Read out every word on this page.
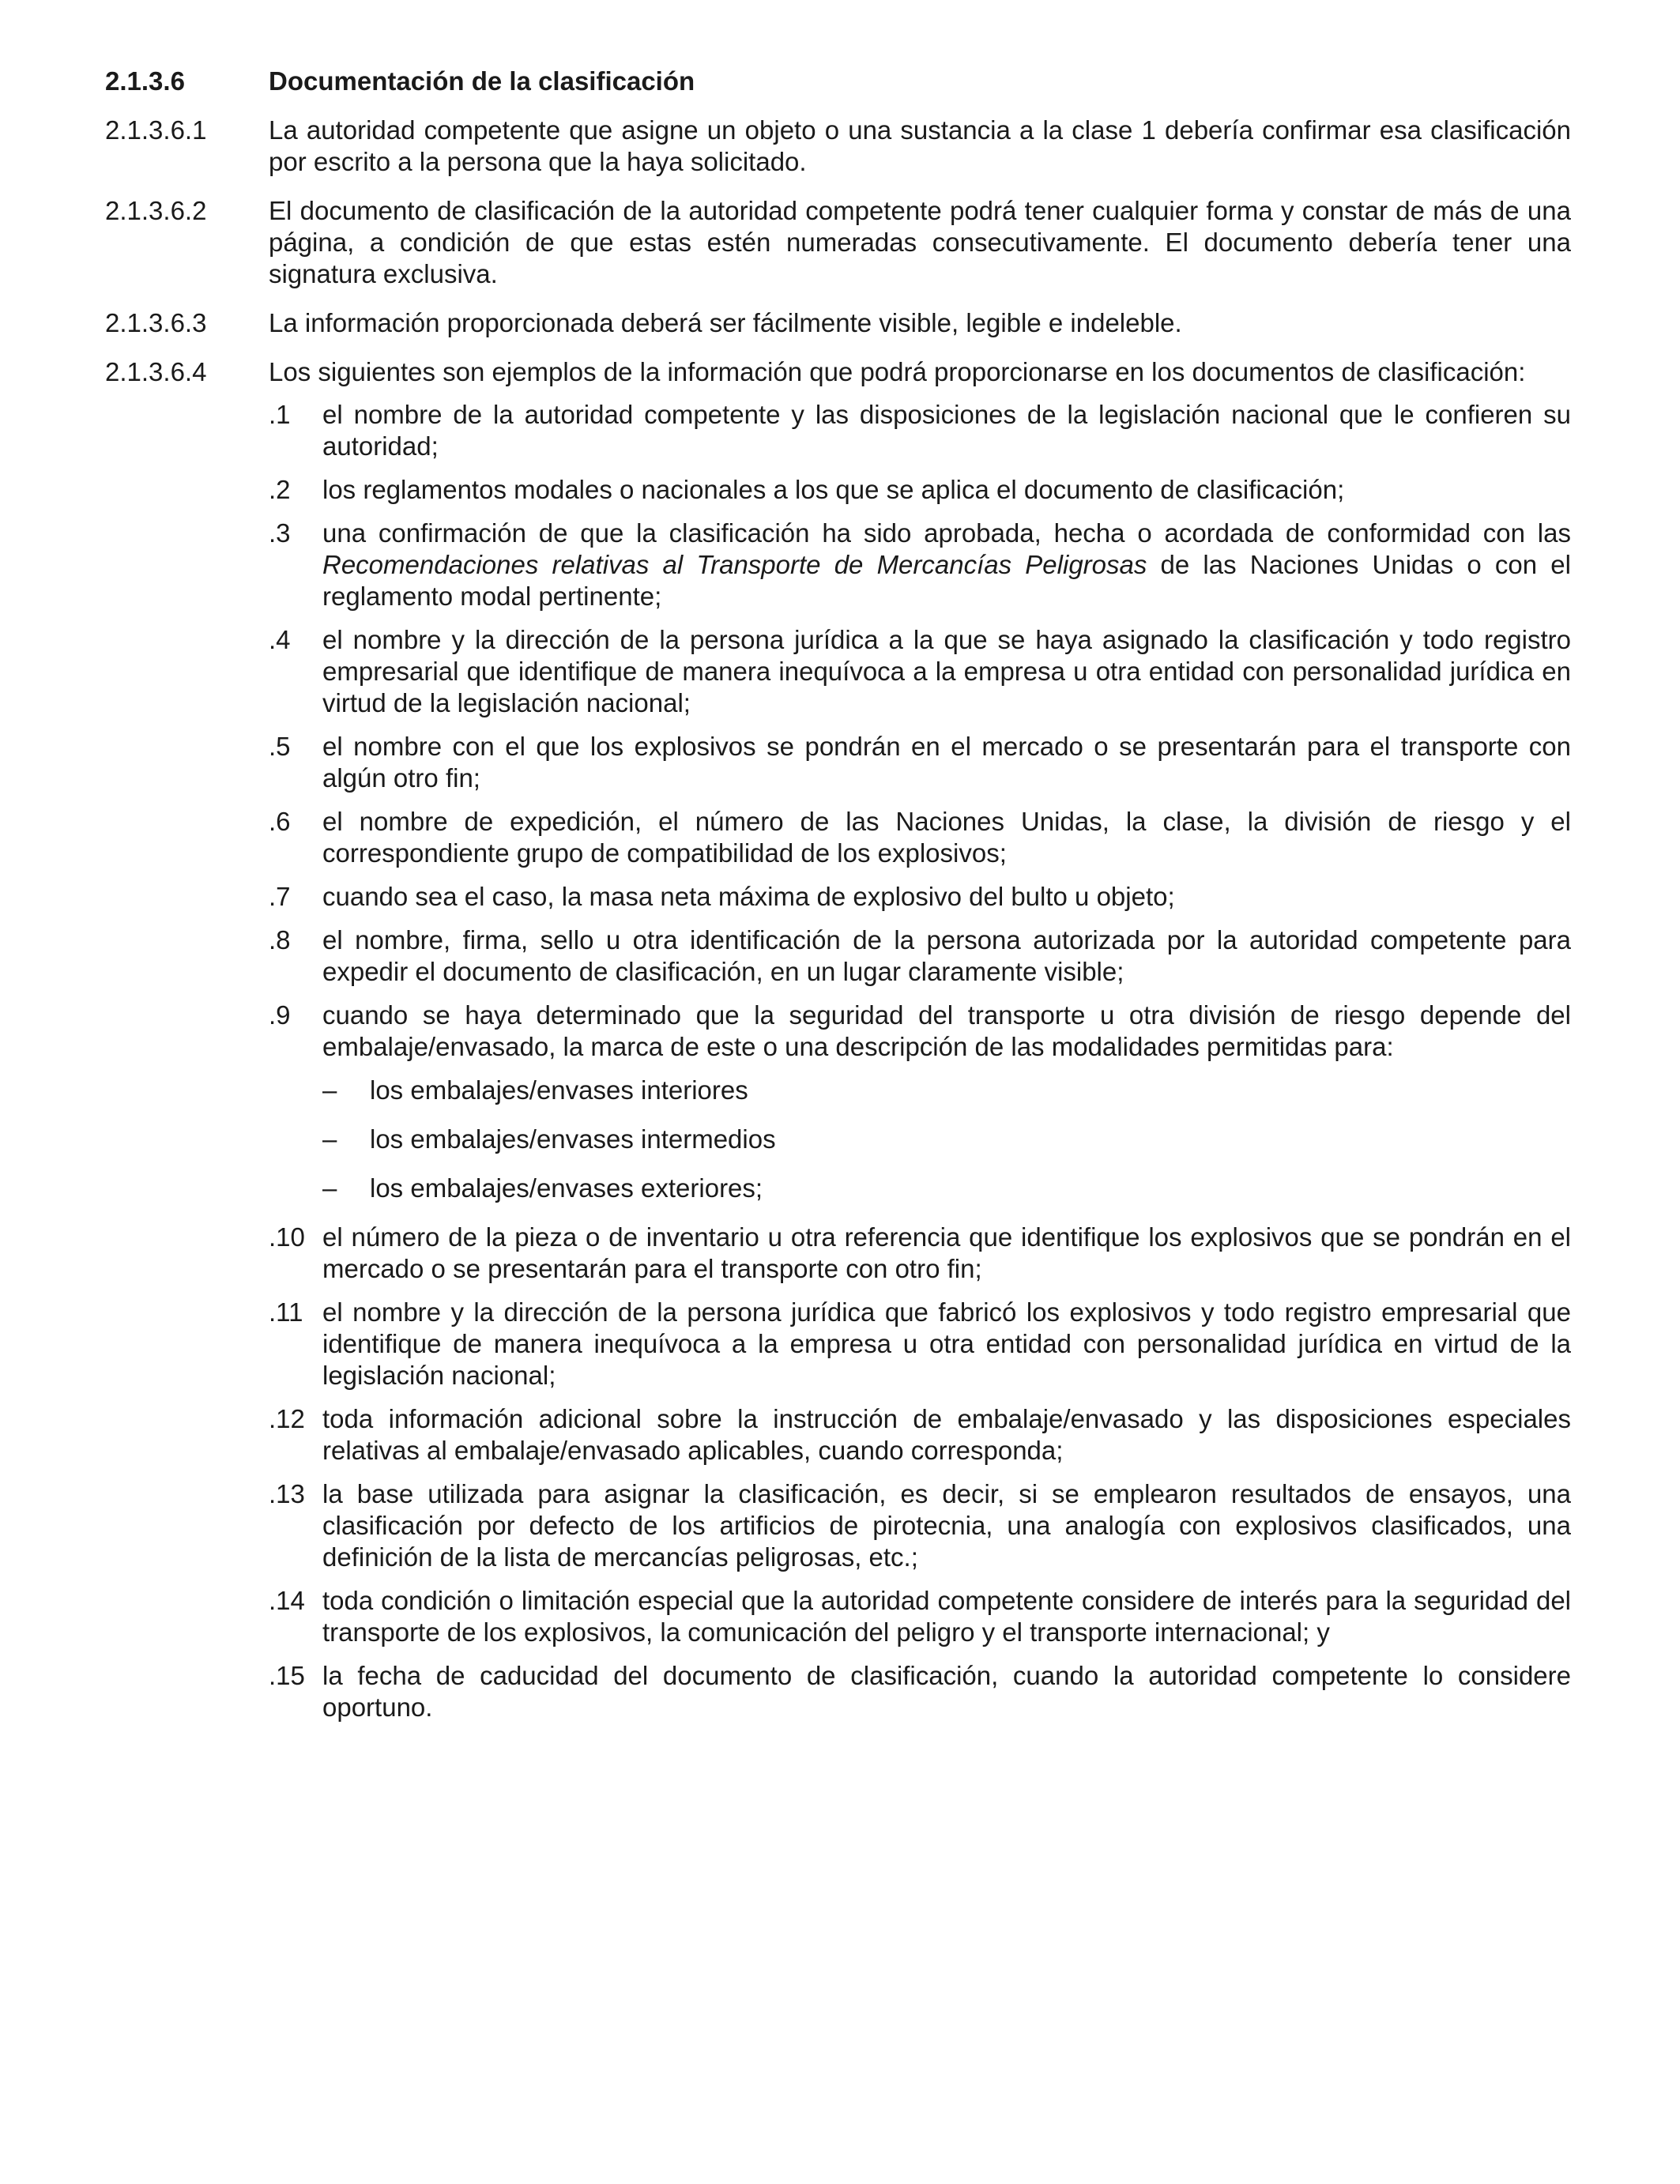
2.1.3.6	Documentación de la clasificación
2.1.3.6.1	La autoridad competente que asigne un objeto o una sustancia a la clase 1 debería confirmar esa clasificación por escrito a la persona que la haya solicitado.
2.1.3.6.2	El documento de clasificación de la autoridad competente podrá tener cualquier forma y constar de más de una página, a condición de que estas estén numeradas consecutivamente. El documento debería tener una signatura exclusiva.
2.1.3.6.3	La información proporcionada deberá ser fácilmente visible, legible e indeleble.
2.1.3.6.4	Los siguientes son ejemplos de la información que podrá proporcionarse en los documentos de clasificación:
.1	el nombre de la autoridad competente y las disposiciones de la legislación nacional que le confieren su autoridad;
.2	los reglamentos modales o nacionales a los que se aplica el documento de clasificación;
.3	una confirmación de que la clasificación ha sido aprobada, hecha o acordada de conformidad con las Recomendaciones relativas al Transporte de Mercancías Peligrosas de las Naciones Unidas o con el reglamento modal pertinente;
.4	el nombre y la dirección de la persona jurídica a la que se haya asignado la clasificación y todo registro empresarial que identifique de manera inequívoca a la empresa u otra entidad con personalidad jurídica en virtud de la legislación nacional;
.5	el nombre con el que los explosivos se pondrán en el mercado o se presentarán para el transporte con algún otro fin;
.6	el nombre de expedición, el número de las Naciones Unidas, la clase, la división de riesgo y el correspondiente grupo de compatibilidad de los explosivos;
.7	cuando sea el caso, la masa neta máxima de explosivo del bulto u objeto;
.8	el nombre, firma, sello u otra identificación de la persona autorizada por la autoridad competente para expedir el documento de clasificación, en un lugar claramente visible;
.9	cuando se haya determinado que la seguridad del transporte u otra división de riesgo depende del embalaje/envasado, la marca de este o una descripción de las modalidades permitidas para:
–	los embalajes/envases interiores
–	los embalajes/envases intermedios
–	los embalajes/envases exteriores;
.10 el número de la pieza o de inventario u otra referencia que identifique los explosivos que se pondrán en el mercado o se presentarán para el transporte con otro fin;
.11 el nombre y la dirección de la persona jurídica que fabricó los explosivos y todo registro empresarial que identifique de manera inequívoca a la empresa u otra entidad con personalidad jurídica en virtud de la legislación nacional;
.12 toda información adicional sobre la instrucción de embalaje/envasado y las disposiciones especiales relativas al embalaje/envasado aplicables, cuando corresponda;
.13 la base utilizada para asignar la clasificación, es decir, si se emplearon resultados de ensayos, una clasificación por defecto de los artificios de pirotecnia, una analogía con explosivos clasificados, una definición de la lista de mercancías peligrosas, etc.;
.14 toda condición o limitación especial que la autoridad competente considere de interés para la seguridad del transporte de los explosivos, la comunicación del peligro y el transporte internacional; y
.15 la fecha de caducidad del documento de clasificación, cuando la autoridad competente lo considere oportuno.
